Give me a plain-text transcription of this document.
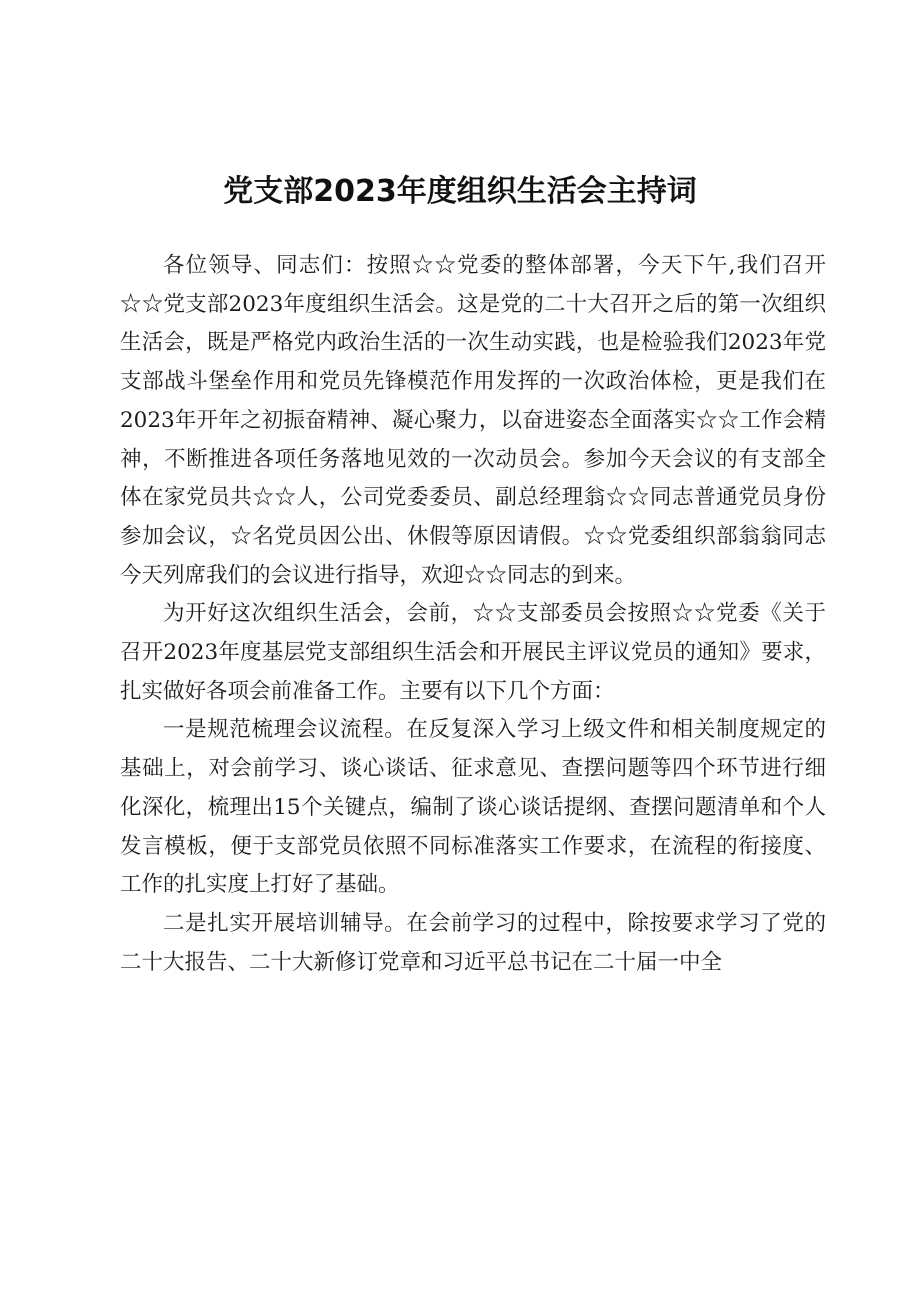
党支部2023年度组织生活会主持词

各位领导、同志们：按照☆☆党委的整体部署，今天下午,我们召开☆☆党支部2023年度组织生活会。这是党的二十大召开之后的第一次组织生活会，既是严格党内政治生活的一次生动实践，也是检验我们2023年党支部战斗堡垒作用和党员先锋模范作用发挥的一次政治体检，更是我们在2023年开年之初振奋精神、凝心聚力，以奋进姿态全面落实☆☆工作会精神，不断推进各项任务落地见效的一次动员会。参加今天会议的有支部全体在家党员共☆☆人，公司党委委员、副总经理翁☆☆同志普通党员身份参加会议，☆名党员因公出、休假等原因请假。☆☆党委组织部翁翁同志今天列席我们的会议进行指导，欢迎☆☆同志的到来。

为开好这次组织生活会，会前，☆☆支部委员会按照☆☆党委《关于召开2023年度基层党支部组织生活会和开展民主评议党员的通知》要求，扎实做好各项会前准备工作。主要有以下几个方面：

一是规范梳理会议流程。在反复深入学习上级文件和相关制度规定的基础上，对会前学习、谈心谈话、征求意见、查摆问题等四个环节进行细化深化，梳理出15个关键点，编制了谈心谈话提纲、查摆问题清单和个人发言模板，便于支部党员依照不同标准落实工作要求，在流程的衔接度、工作的扎实度上打好了基础。

二是扎实开展培训辅导。在会前学习的过程中，除按要求学习了党的二十大报告、二十大新修订党章和习近平总书记在二十届一中全
